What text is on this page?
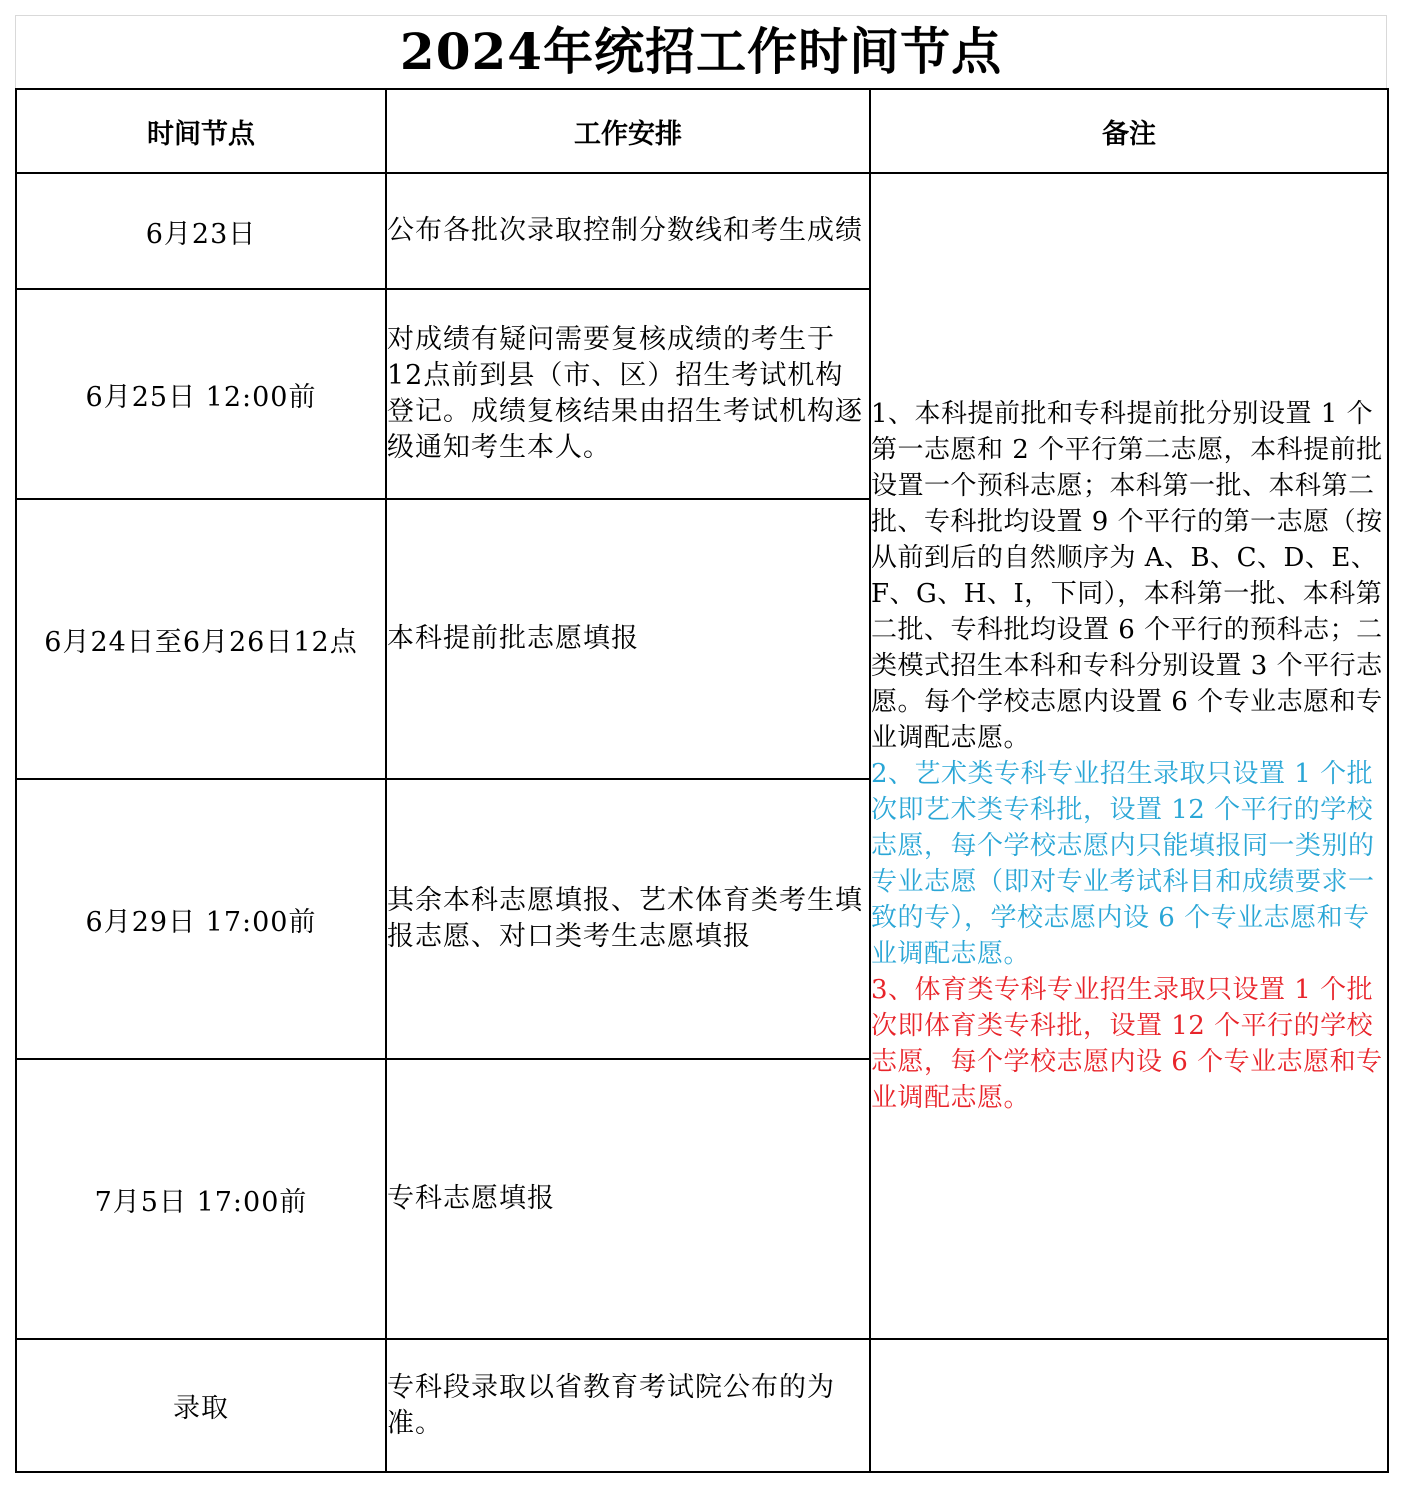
2024年统招工作时间节点
时间节点	工作安排	备注
6月23日	公布各批次录取控制分数线和考生成绩	1、本科提前批和专科提前批分别设置 1 个第一志愿和 2 个平行第二志愿，本科提前批设置一个预科志愿；本科第一批、本科第二批、专科批均设置 9 个平行的第一志愿（按从前到后的自然顺序为 A、B、C、D、E、F、G、H、I，下同），本科第一批、本科第二批、专科批均设置 6 个平行的预科志；二类模式招生本科和专科分别设置 3 个平行志愿。每个学校志愿内设置 6 个专业志愿和专业调配志愿。

2、艺术类专科专业招生录取只设置 1 个批次即艺术类专科批，设置 12 个平行的学校志愿，每个学校志愿内只能填报同一类别的专业志愿（即对专业考试科目和成绩要求一致的专），学校志愿内设 6 个专业志愿和专业调配志愿。

3、体育类专科专业招生录取只设置 1 个批次即体育类专科批，设置 12 个平行的学校志愿，每个学校志愿内设 6 个专业志愿和专业调配志愿。

6月25日 12:00前	对成绩有疑问需要复核成绩的考生于12点前到县（市、区）招生考试机构登记。成绩复核结果由招生考试机构逐级通知考生本人。	
6月24日至6月26日12点	本科提前批志愿填报	
6月29日 17:00前	其余本科志愿填报、艺术体育类考生填报志愿、对口类考生志愿填报	
7月5日 17:00前	专科志愿填报	
录取	专科段录取以省教育考试院公布的为准。	
